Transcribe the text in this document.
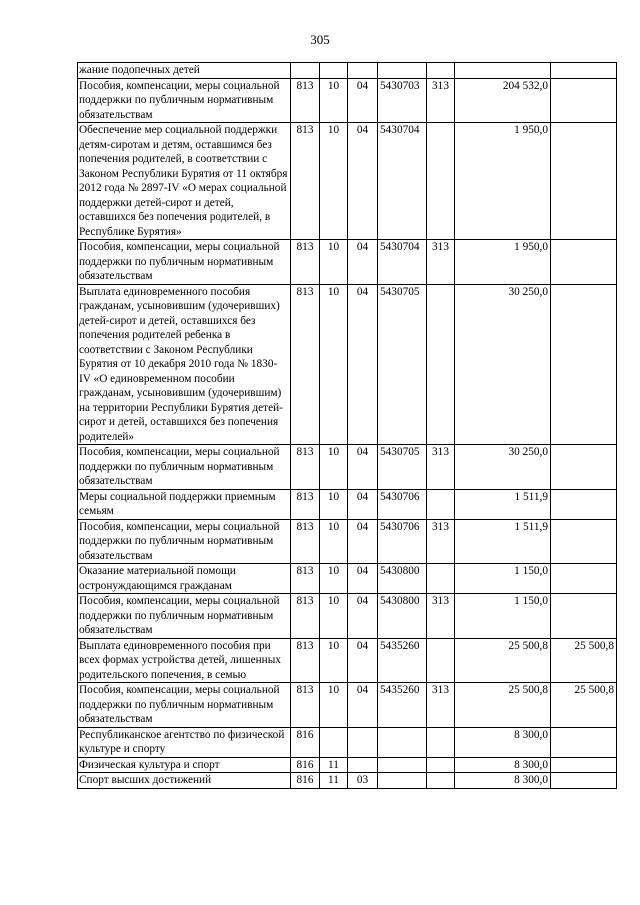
305
жание подопечных детей							
Пособия, компенсации, меры социальной поддержки по публичным нормативным обязательствам	813	10	04	5430703	313	204 532,0	
Обеспечение мер социальной поддержки детям-сиротам и детям, оставшимся без попечения родителей, в соответствии с Законом Республики Бурятия от 11 октября 2012 года № 2897-IV «О мерах социальной поддержки детей-сирот и детей, оставшихся без попечения родителей, в Республике Бурятия»	813	10	04	5430704		1 950,0	
Пособия, компенсации, меры социальной поддержки по публичным нормативным обязательствам	813	10	04	5430704	313	1 950,0	
Выплата единовременного пособия гражданам, усыновившим (удочеривших) детей-сирот и детей, оставшихся без попечения родителей ребенка в соответствии с Законом Республики Бурятия от 10 декабря 2010 года № 1830-IV «О единовременном пособии гражданам, усыновившим (удочерившим) на территории Республики Бурятия детей-сирот и детей, оставшихся без попечения родителей»	813	10	04	5430705		30 250,0	
Пособия, компенсации, меры социальной поддержки по публичным нормативным обязательствам	813	10	04	5430705	313	30 250,0	
Меры социальной поддержки приемным семьям	813	10	04	5430706		1 511,9	
Пособия, компенсации, меры социальной поддержки по публичным нормативным обязательствам	813	10	04	5430706	313	1 511,9	
Оказание материальной помощи остронуждающимся гражданам	813	10	04	5430800		1 150,0	
Пособия, компенсации, меры социальной поддержки по публичным нормативным обязательствам	813	10	04	5430800	313	1 150,0	
Выплата единовременного пособия при всех формах устройства детей, лишенных родительского попечения, в семью	813	10	04	5435260		25 500,8	25 500,8
Пособия, компенсации, меры социальной поддержки по публичным нормативным обязательствам	813	10	04	5435260	313	25 500,8	25 500,8
Республиканское агентство по физической культуре и спорту	816					8 300,0	
Физическая культура и спорт	816	11				8 300,0	
Спорт высших достижений	816	11	03			8 300,0	
